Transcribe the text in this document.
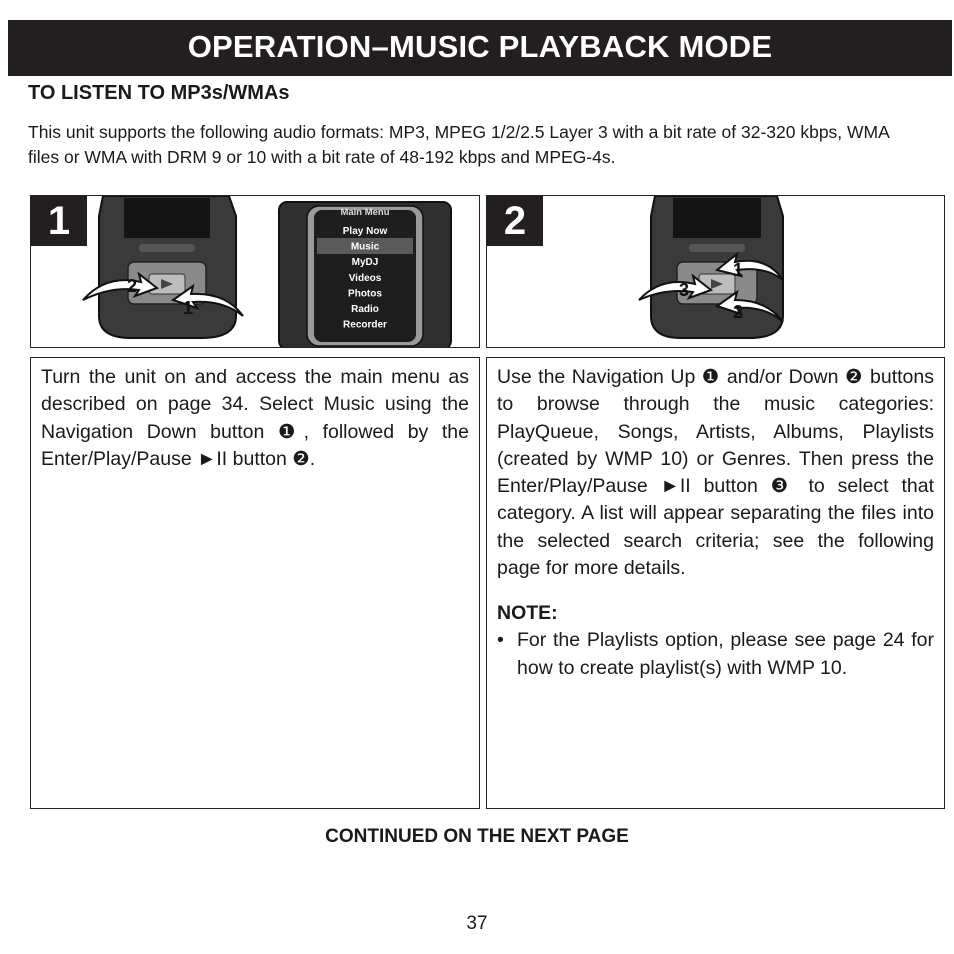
OPERATION–MUSIC PLAYBACK MODE
TO LISTEN TO MP3s/WMAs
This unit supports the following audio formats: MP3, MPEG 1/2/2.5 Layer 3 with a bit rate of 32-320 kbps, WMA files or WMA with DRM 9 or 10 with a bit rate of 48-192 kbps and MPEG-4s.
2
1
Main Menu
Play Now
Music
MyDJ
Videos
Photos
Radio
Recorder
1
1
3
2
2

Turn the unit on and access the main menu as described on page 34. Select Music using the Navigation Down button ❶, followed by the Enter/Play/Pause ►II button ❷.

Use the Navigation Up ❶ and/or Down ❷ buttons to browse through the music categories: PlayQueue, Songs, Artists, Albums, Playlists (created by WMP 10) or Genres. Then press the Enter/Play/Pause ►II button ❸ to select that category. A list will appear separating the files into the selected search criteria; see the following page for more details.

NOTE:

• For the Playlists option, please see page 24 for how to create playlist(s) with WMP 10.

CONTINUED ON THE NEXT PAGE
37
